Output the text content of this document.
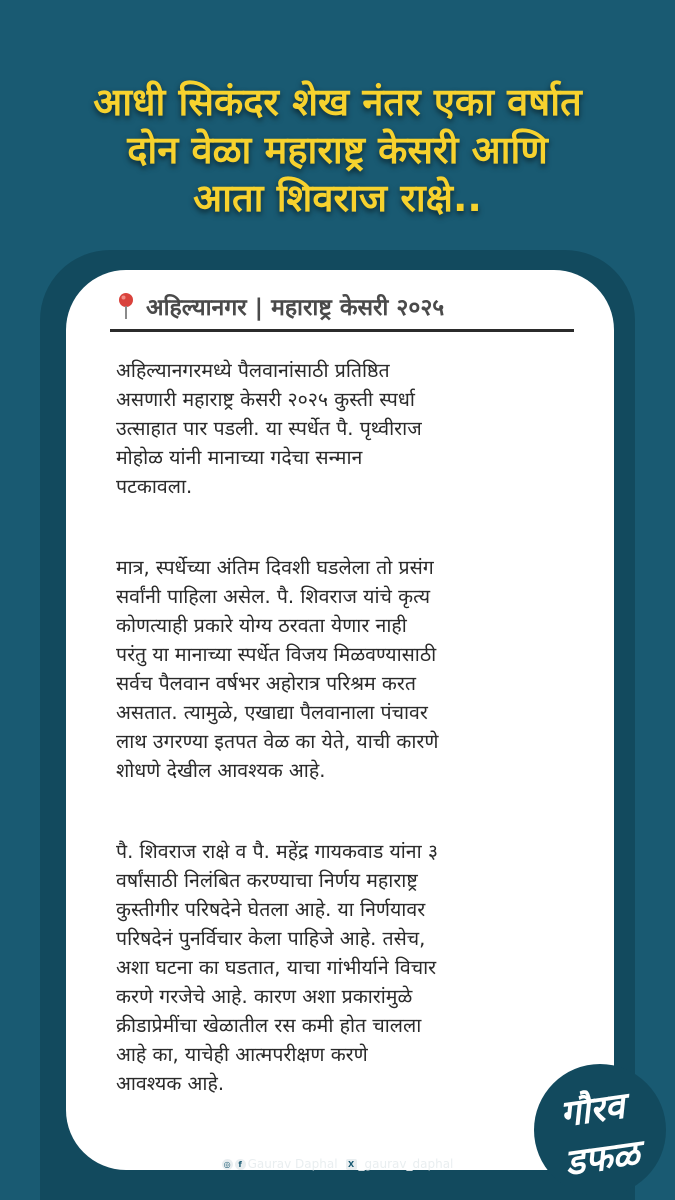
आधी सिकंदर शेख नंतर एका वर्षात
दोन वेळा महाराष्ट्र केसरी आणि
आता शिवराज राक्षे..
अहिल्यानगर | महाराष्ट्र केसरी २०२५
अहिल्यानगरमध्ये पैलवानांसाठी प्रतिष्ठित
असणारी महाराष्ट्र केसरी २०२५ कुस्ती स्पर्धा
उत्साहात पार पडली. या स्पर्धेत पै. पृथ्वीराज
मोहोळ यांनी मानाच्या गदेचा सन्मान
पटकावला.
मात्र, स्पर्धेच्या अंतिम दिवशी घडलेला तो प्रसंग
सर्वांनी पाहिला असेल. पै. शिवराज यांचे कृत्य
कोणत्याही प्रकारे योग्य ठरवता येणार नाही
परंतु या मानाच्या स्पर्धेत विजय मिळवण्यासाठी
सर्वच पैलवान वर्षभर अहोरात्र परिश्रम करत
असतात. त्यामुळे, एखाद्या पैलवानाला पंचावर
लाथ उगरण्या इतपत वेळ का येते, याची कारणे
शोधणे देखील आवश्यक आहे.
पै. शिवराज राक्षे व पै. महेंद्र गायकवाड यांना ३
वर्षांसाठी निलंबित करण्याचा निर्णय महाराष्ट्र
कुस्तीगीर परिषदेने घेतला आहे. या निर्णयावर
परिषदेनं पुनर्विचार केला पाहिजे आहे. तसेच,
अशा घटना का घडतात, याचा गांभीर्याने विचार
करणे गरजेचे आहे. कारण अशा प्रकारांमुळे
क्रीडाप्रेमींचा खेळातील रस कमी होत चालला
आहे का, याचेही आत्मपरीक्षण करणे
आवश्यक आहे.
गौरव
डफळ
◎ f Gaurav Daphal	X _gaurav_daphal
